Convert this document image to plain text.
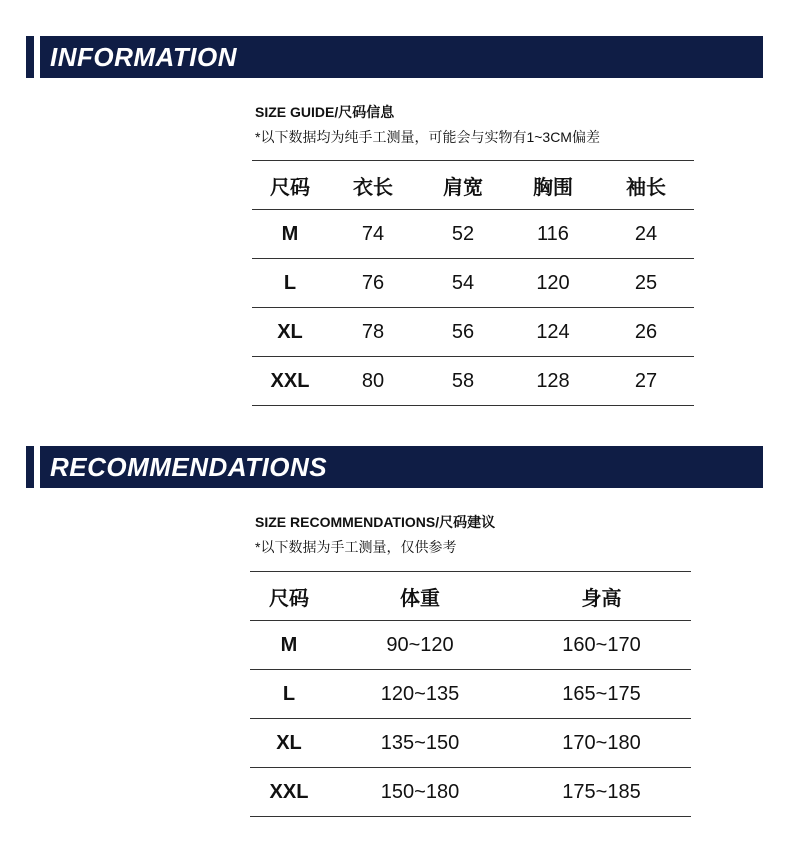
INFORMATION
SIZE GUIDE/尺码信息
*以下数据均为纯手工测量，可能会与实物有1~3CM偏差
尺码	衣长	肩宽	胸围	袖长
M	74	52	116	24
L	76	54	120	25
XL	78	56	124	26
XXL	80	58	128	27
RECOMMENDATIONS
SIZE RECOMMENDATIONS/尺码建议
*以下数据为手工测量，仅供参考
尺码	体重	身高
M	90~120	160~170
L	120~135	165~175
XL	135~150	170~180
XXL	150~180	175~185
